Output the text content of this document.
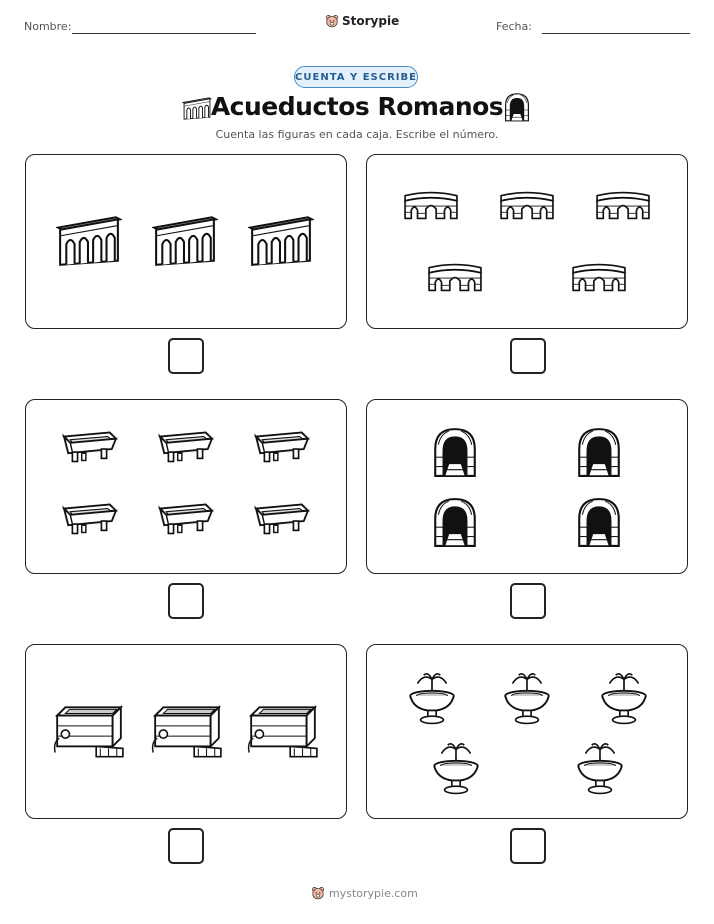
Nombre:	Storypie	Fecha:
CUENTA Y ESCRIBE
Acueductos Romanos
Cuenta las figuras en cada caja. Escribe el número.
mystorypie.com
